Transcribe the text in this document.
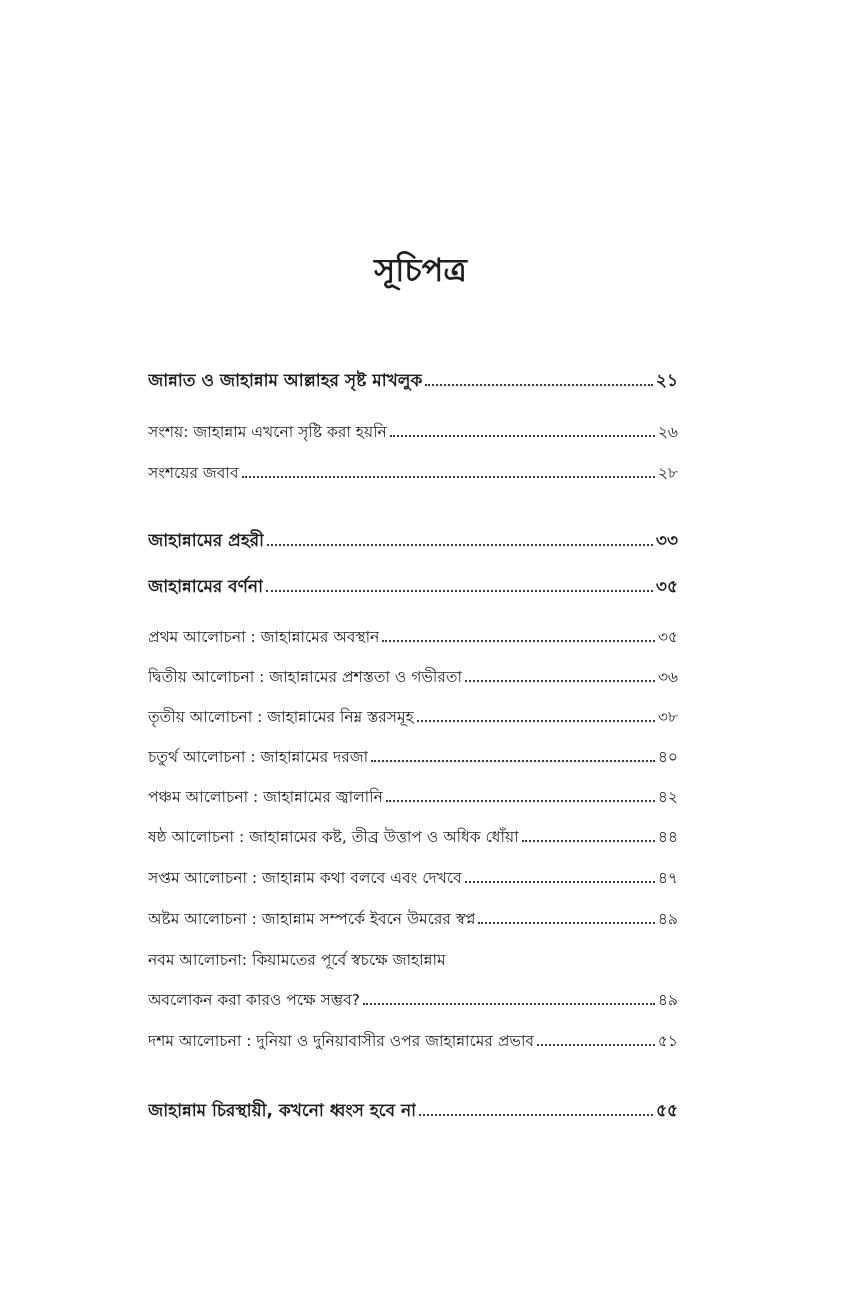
সূচিপত্র
জান্নাত ও জাহান্নাম আল্লাহর সৃষ্ট মাখলুক	২১
সংশয়: জাহান্নাম এখনো সৃষ্টি করা হয়নি	২৬
সংশয়ের জবাব	২৮
জাহান্নামের প্রহরী	৩৩
জাহান্নামের বর্ণনা	৩৫
প্রথম আলোচনা : জাহান্নামের অবস্থান	৩৫
দ্বিতীয় আলোচনা : জাহান্নামের প্রশস্ততা ও গভীরতা	৩৬
তৃতীয় আলোচনা : জাহান্নামের নিম্ন স্তরসমূহ	৩৮
চতুর্থ আলোচনা : জাহান্নামের দরজা	৪০
পঞ্চম আলোচনা : জাহান্নামের জ্বালানি	৪২
ষষ্ঠ আলোচনা : জাহান্নামের কষ্ট, তীব্র উত্তাপ ও অধিক ধোঁয়া	৪৪
সপ্তম আলোচনা : জাহান্নাম কথা বলবে এবং দেখবে	৪৭
অষ্টম আলোচনা : জাহান্নাম সম্পর্কে ইবনে উমরের স্বপ্ন	৪৯
নবম আলোচনা: কিয়ামতের পূর্বে স্বচক্ষে জাহান্নাম
অবলোকন করা কারও পক্ষে সম্ভব?	৪৯
দশম আলোচনা : দুনিয়া ও দুনিয়াবাসীর ওপর জাহান্নামের প্রভাব	৫১
জাহান্নাম চিরস্থায়ী, কখনো ধ্বংস হবে না	৫৫
